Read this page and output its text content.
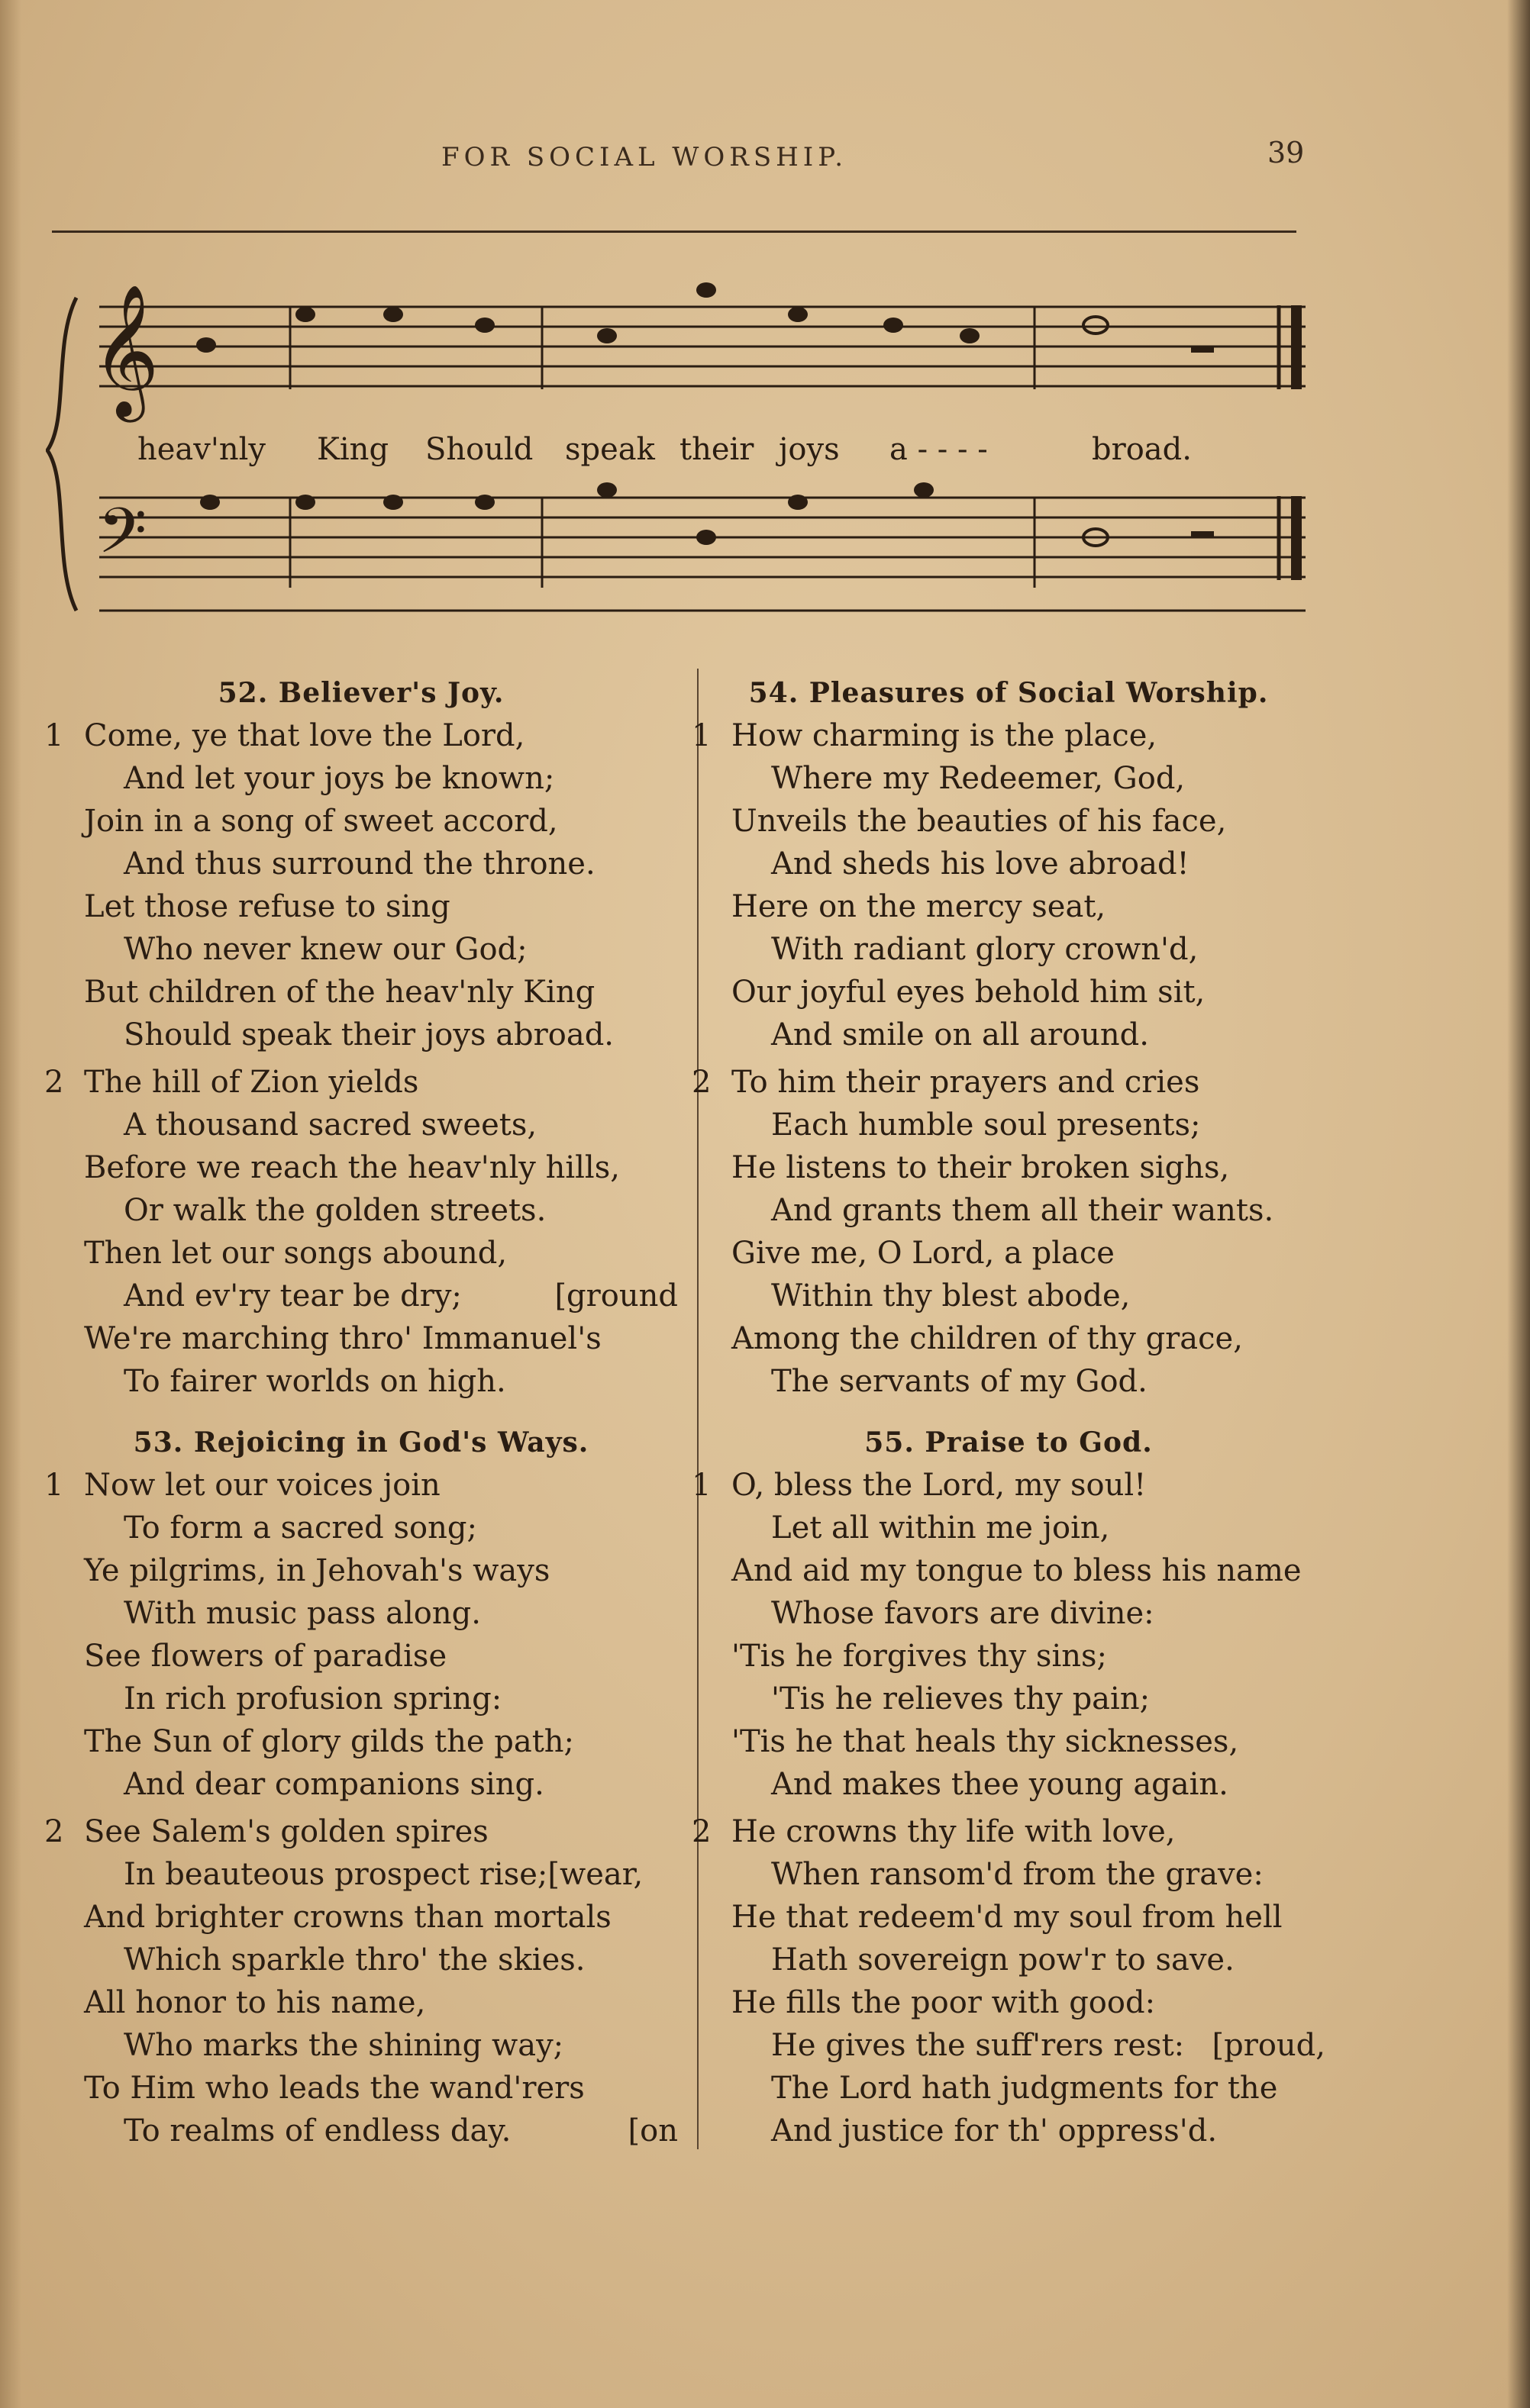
FOR SOCIAL WORSHIP.	39
𝄞
heav'nly King Should speak their joys a - - - -	broad.
𝄢
52. Believer's Joy.
1 Come, ye that love the Lord,
And let your joys be known;
Join in a song of sweet accord,
And thus surround the throne.
Let those refuse to sing
Who never knew our God;
But children of the heav'nly King
Should speak their joys abroad.
2 The hill of Zion yields
A thousand sacred sweets,
Before we reach the heav'nly hills,
Or walk the golden streets.
Then let our songs abound,
And ev'ry tear be dry;	[ground
We're marching thro' Immanuel's
To fairer worlds on high.
53. Rejoicing in God's Ways.
1 Now let our voices join
To form a sacred song;
Ye pilgrims, in Jehovah's ways
With music pass along.
See flowers of paradise
In rich profusion spring:
The Sun of glory gilds the path;
And dear companions sing.
2 See Salem's golden spires
In beauteous prospect rise;[wear,
And brighter crowns than mortals
Which sparkle thro' the skies.
All honor to his name,
Who marks the shining way;
To Him who leads the wand'rers
To realms of endless day.	[on
54. Pleasures of Social Worship.
1 How charming is the place,
Where my Redeemer, God,
Unveils the beauties of his face,
And sheds his love abroad!
Here on the mercy seat,
With radiant glory crown'd,
Our joyful eyes behold him sit,
And smile on all around.
2 To him their prayers and cries
Each humble soul presents;
He listens to their broken sighs,
And grants them all their wants.
Give me, O Lord, a place
Within thy blest abode,
Among the children of thy grace,
The servants of my God.
55. Praise to God.
1 O, bless the Lord, my soul!
Let all within me join,
And aid my tongue to bless his name
Whose favors are divine:
'Tis he forgives thy sins;
'Tis he relieves thy pain;
'Tis he that heals thy sicknesses,
And makes thee young again.
2 He crowns thy life with love,
When ransom'd from the grave:
He that redeem'd my soul from hell
Hath sovereign pow'r to save.
He fills the poor with good:
He gives the suff'rers rest: [proud,
The Lord hath judgments for the
And justice for th' oppress'd.
